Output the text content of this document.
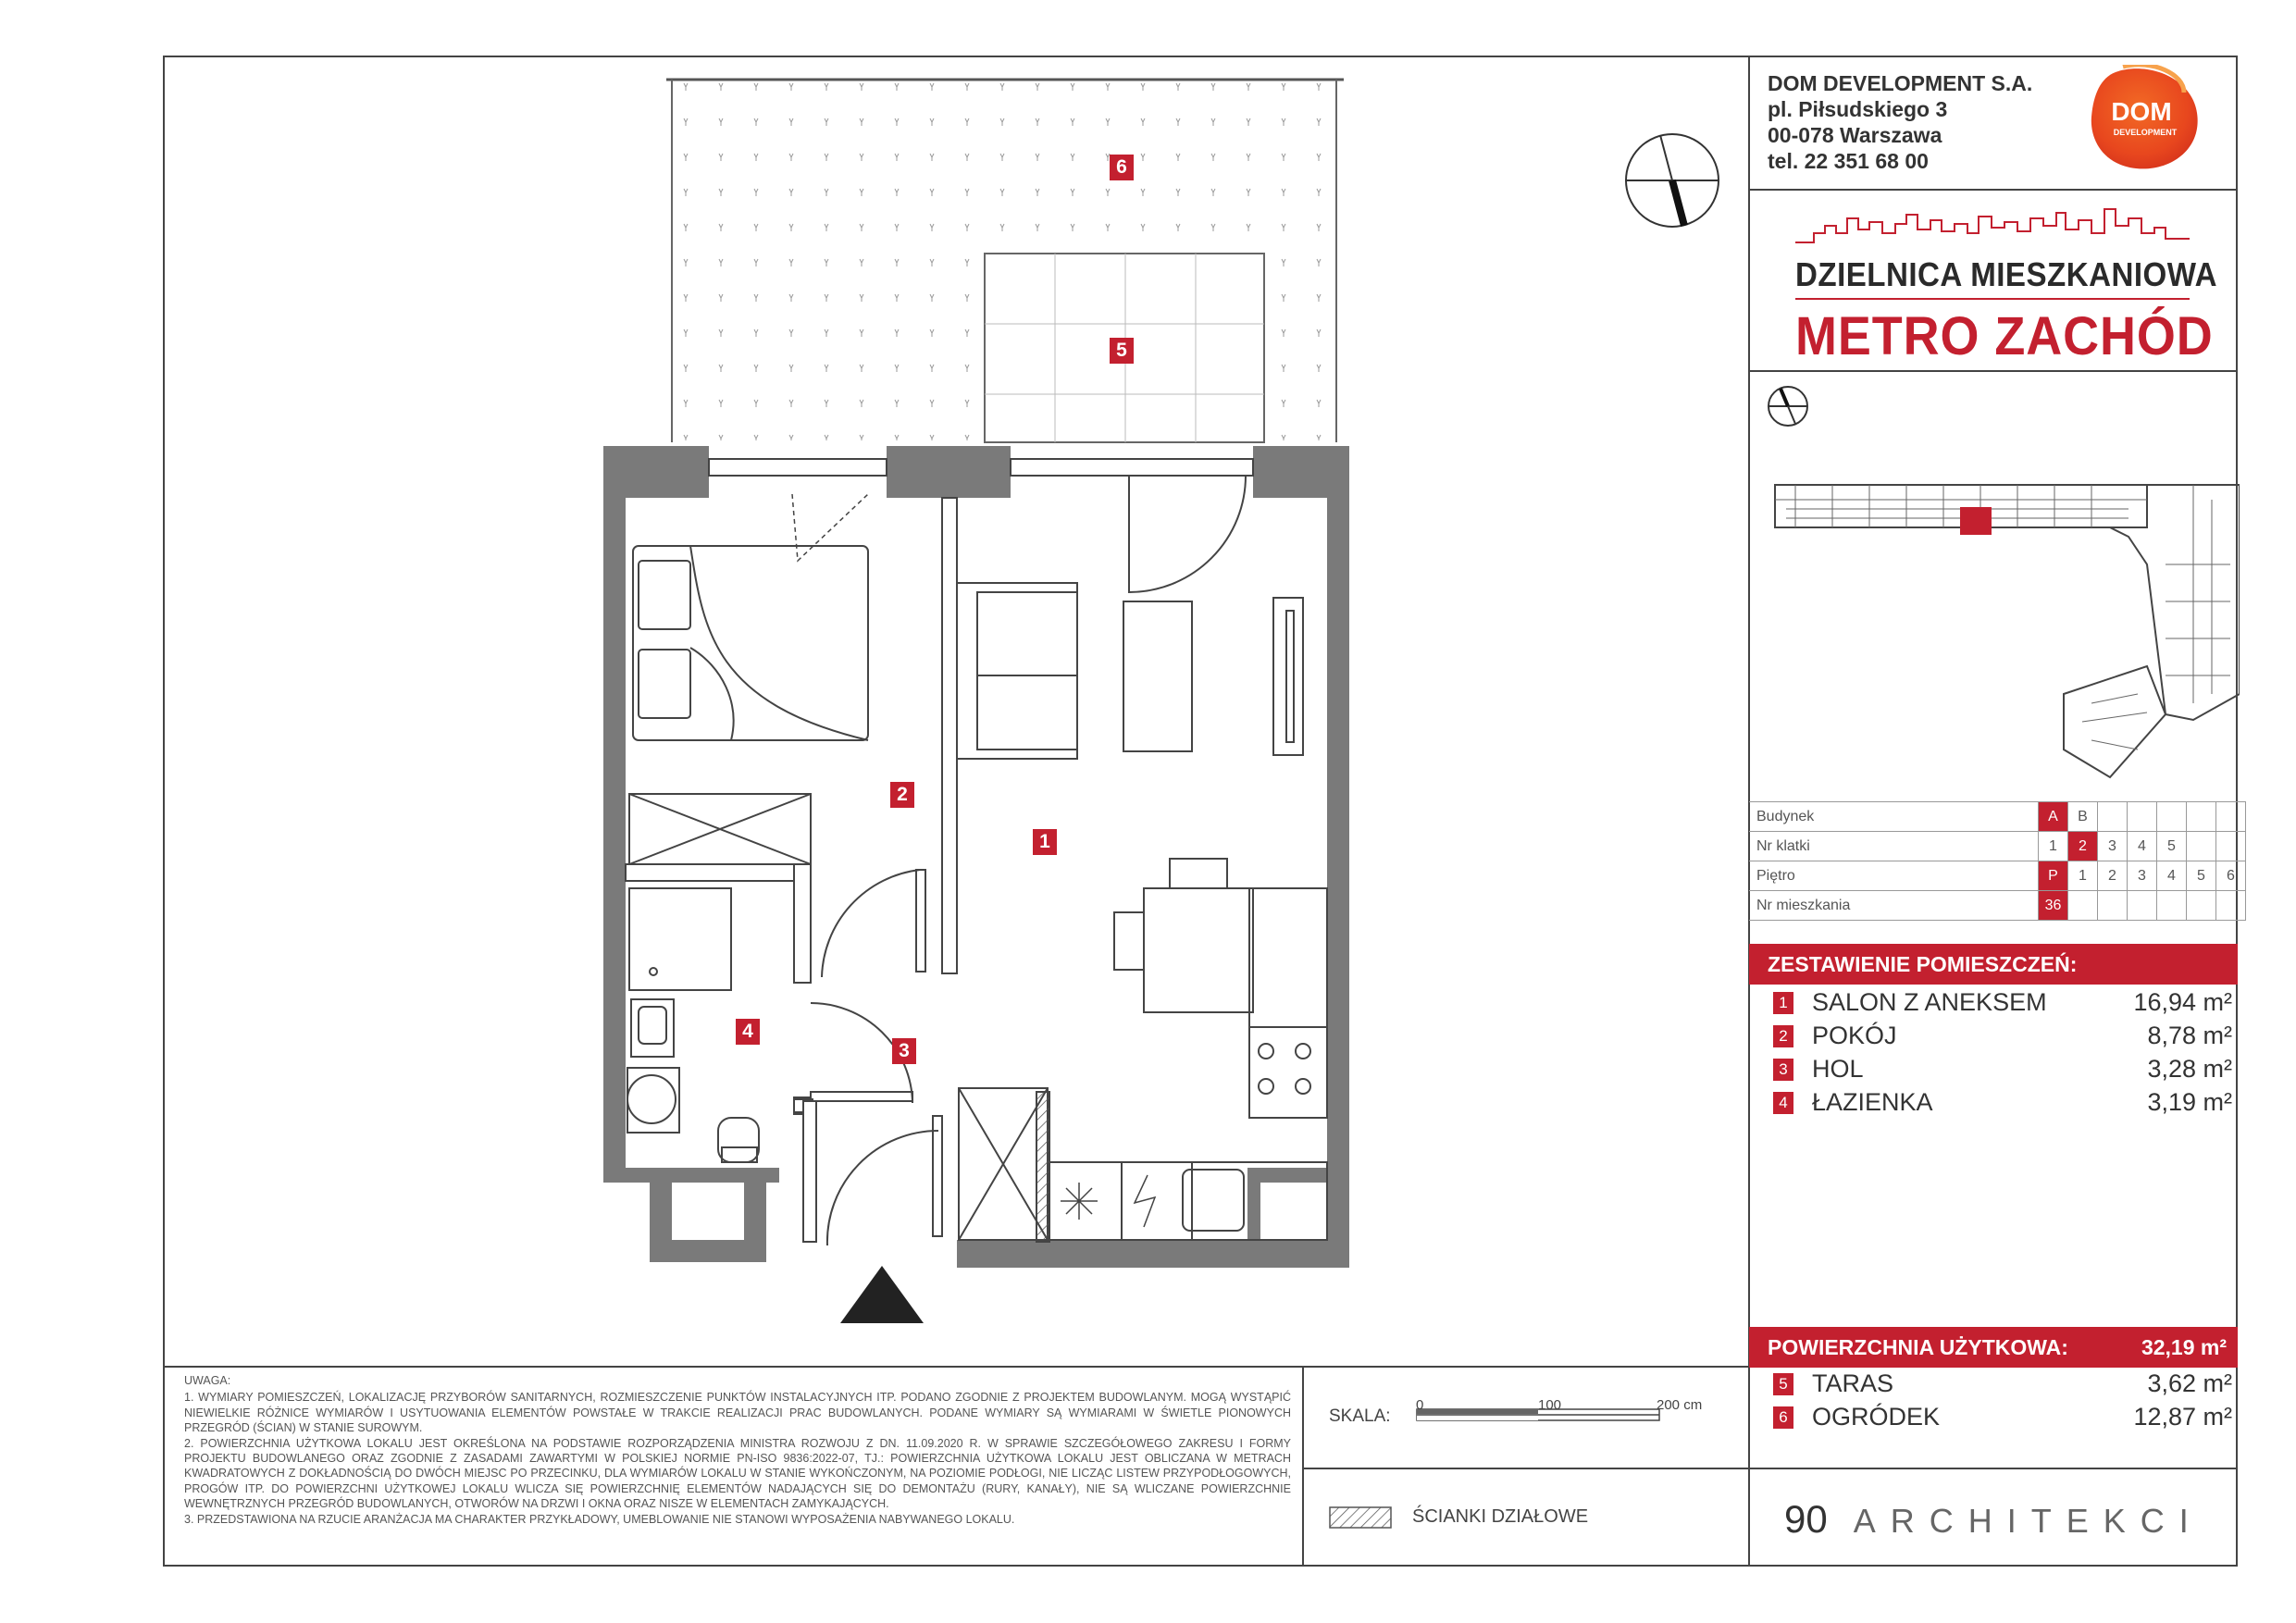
DOM DEVELOPMENT S.A.
pl. Piłsudskiego 3
00-078 Warszawa
tel. 22 351 68 00
DOM
DEVELOPMENT
DZIELNICA MIESZKANIOWA
METRO ZACHÓD
Budynek	A	B					
Nr klatki	1	2	3	4	5		
Piętro	P	1	2	3	4	5	6
Nr mieszkania	36						
ZESTAWIENIE POMIESZCZEŃ:
1 SALON Z ANEKSEM	16,94 m²
2 POKÓJ	8,78 m²
3 HOL	3,28 m²
4 ŁAZIENKA	3,19 m²
POWIERZCHNIA UŻYTKOWA:	32,19 m²
5 TARAS	3,62 m²
6 OGRÓDEK	12,87 m²
1
2
3
4
5
6

UWAGA:

1. WYMIARY POMIESZCZEŃ, LOKALIZACJĘ PRZYBORÓW SANITARNYCH, ROZMIESZCZENIE PUNKTÓW INSTALACYJNYCH ITP. PODANO ZGODNIE Z PROJEKTEM BUDOWLANYM. MOGĄ WYSTĄPIĆ NIEWIELKIE RÓŻNICE WYMIARÓW I USYTUOWANIA ELEMENTÓW POWSTAŁE W TRAKCIE REALIZACJI PRAC BUDOWLANYCH. PODANE WYMIARY SĄ WYMIARAMI W ŚWIETLE PIONOWYCH PRZEGRÓD (ŚCIAN) W STANIE SUROWYM.

2. POWIERZCHNIA UŻYTKOWA LOKALU JEST OKREŚLONA NA PODSTAWIE ROZPORZĄDZENIA MINISTRA ROZWOJU Z DN. 11.09.2020 R. W SPRAWIE SZCZEGÓŁOWEGO ZAKRESU I FORMY PROJEKTU BUDOWLANEGO ORAZ ZGODNIE Z ZASADAMI ZAWARTYMI W POLSKIEJ NORMIE PN-ISO 9836:2022-07, TJ.: POWIERZCHNIA UŻYTKOWA LOKALU JEST OBLICZANA W METRACH KWADRATOWYCH Z DOKŁADNOŚCIĄ DO DWÓCH MIEJSC PO PRZECINKU, DLA WYMIARÓW LOKALU W STANIE WYKOŃCZONYM, NA POZIOMIE PODŁOGI, NIE LICZĄC LISTEW PRZYPODŁOGOWYCH, PROGÓW ITP. DO POWIERZCHNI UŻYTKOWEJ LOKALU WLICZA SIĘ POWIERZCHNIĘ ELEMENTÓW NADAJĄCYCH SIĘ DO DEMONTAŻU (RURY, KANAŁY), NIE SĄ WLICZANE POWIERZCHNIE WEWNĘTRZNYCH PRZEGRÓD BUDOWLANYCH, OTWORÓW NA DRZWI I OKNA ORAZ NISZE W ELEMENTACH ZAMYKAJĄCYCH.

3. PRZEDSTAWIONA NA RZUCIE ARANŻACJA MA CHARAKTER PRZYKŁADOWY, UMEBLOWANIE NIE STANOWI WYPOSAŻENIA NABYWANEGO LOKALU.

SKALA:
0	100	200 cm
ŚCIANKI DZIAŁOWE	90 ARCHITEKCI
